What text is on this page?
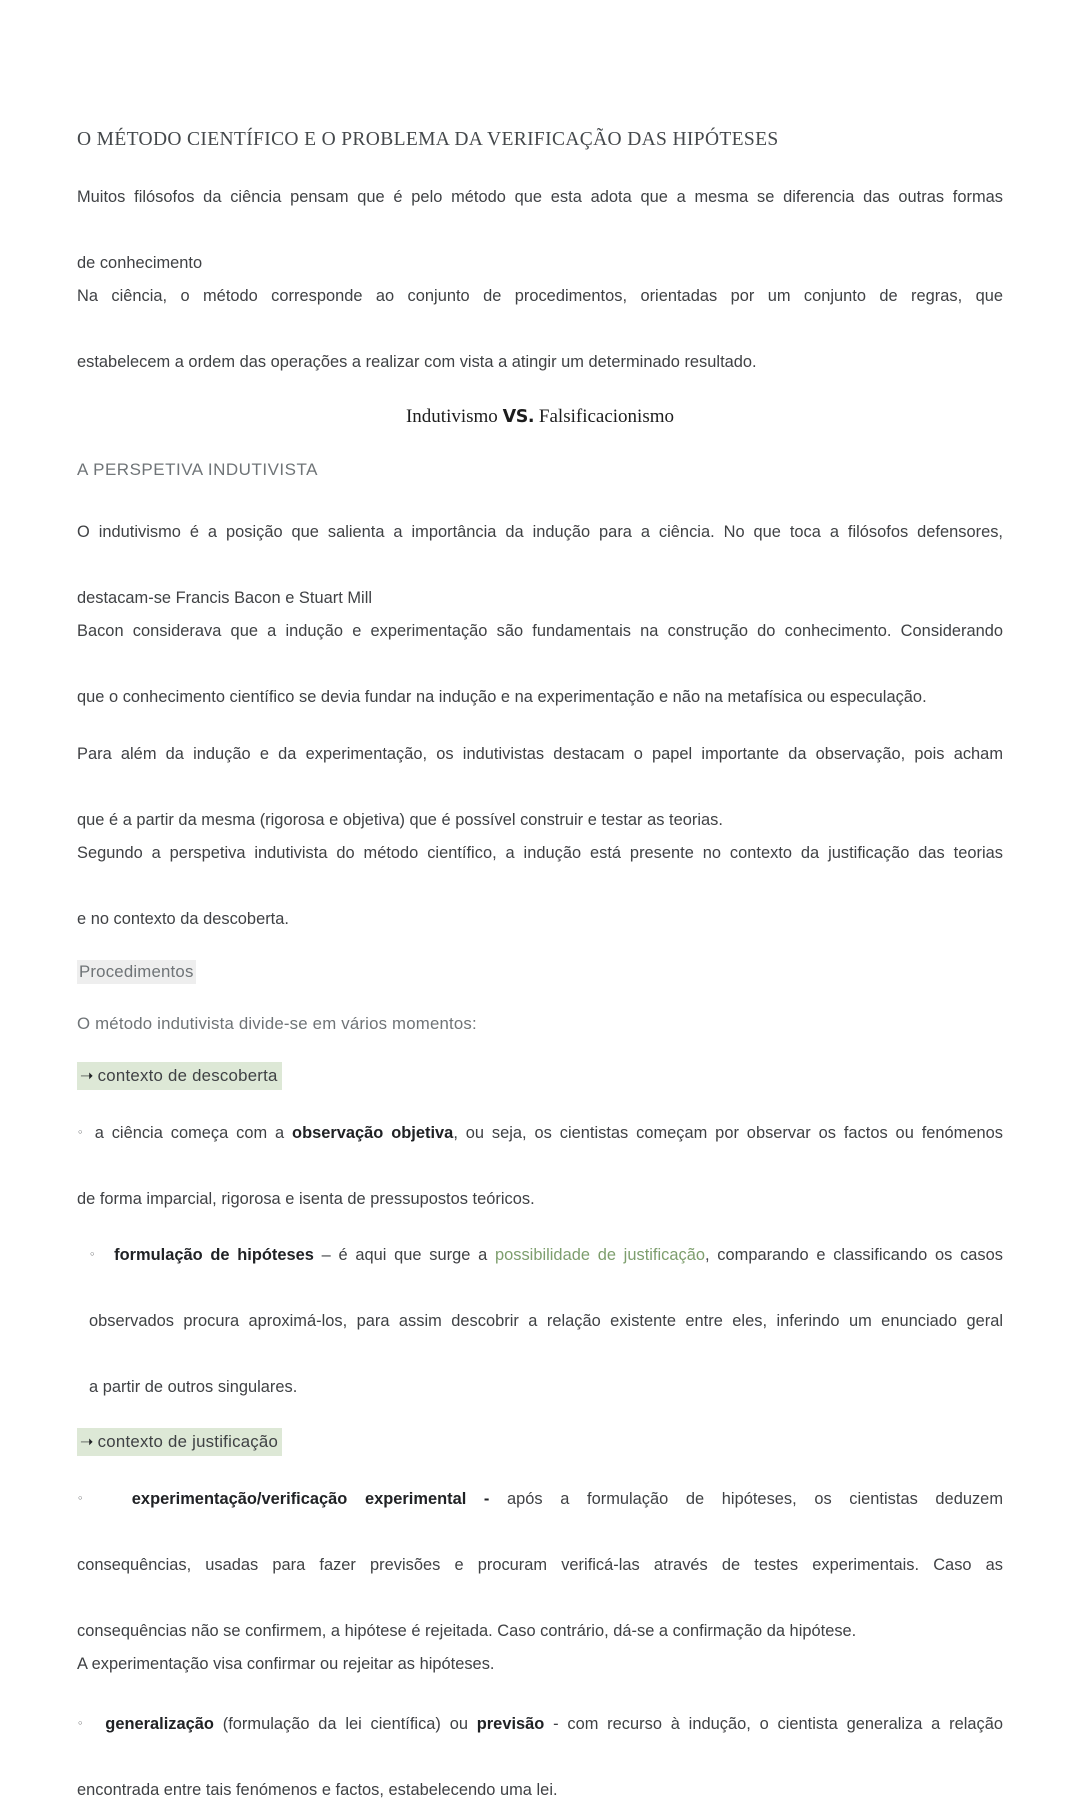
O MÉTODO CIENTÍFICO E O PROBLEMA DA VERIFICAÇÃO DAS HIPÓTESES

Muitos filósofos da ciência pensam que é pelo método que esta adota que a mesma se diferencia das outras formas
de conhecimento

Na ciência, o método corresponde ao conjunto de procedimentos, orientadas por um conjunto de regras, que
estabelecem a ordem das operações a realizar com vista a atingir um determinado resultado.

Indutivismo VS. Falsificacionismo

A PERSPETIVA INDUTIVISTA

O indutivismo é a posição que salienta a importância da indução para a ciência. No que toca a filósofos defensores,
destacam-se Francis Bacon e Stuart Mill

Bacon considerava que a indução e experimentação são fundamentais na construção do conhecimento. Considerando
que o conhecimento científico se devia fundar na indução e na experimentação e não na metafísica ou especulação.

Para além da indução e da experimentação, os indutivistas destacam o papel importante da observação, pois acham
que é a partir da mesma (rigorosa e objetiva) que é possível construir e testar as teorias.

Segundo a perspetiva indutivista do método científico, a indução está presente no contexto da justificação das teorias
e no contexto da descoberta.

Procedimentos

O método indutivista divide-se em vários momentos:

➝ contexto de descoberta

◦ a ciência começa com a observação objetiva, ou seja, os cientistas começam por observar os factos ou fenómenos
de forma imparcial, rigorosa e isenta de pressupostos teóricos.

◦ formulação de hipóteses – é aqui que surge a possibilidade de justificação, comparando e classificando os casos
observados procura aproximá-los, para assim descobrir a relação existente entre eles, inferindo um enunciado geral
a partir de outros singulares.

➝ contexto de justificação

◦ experimentação/verificação experimental - após a formulação de hipóteses, os cientistas deduzem
consequências, usadas para fazer previsões e procuram verificá-las através de testes experimentais. Caso as
consequências não se confirmem, a hipótese é rejeitada. Caso contrário, dá-se a confirmação da hipótese.
A experimentação visa confirmar ou rejeitar as hipóteses.

◦ generalização (formulação da lei científica) ou previsão - com recurso à indução, o cientista generaliza a relação
encontrada entre tais fenómenos e factos, estabelecendo uma lei.
